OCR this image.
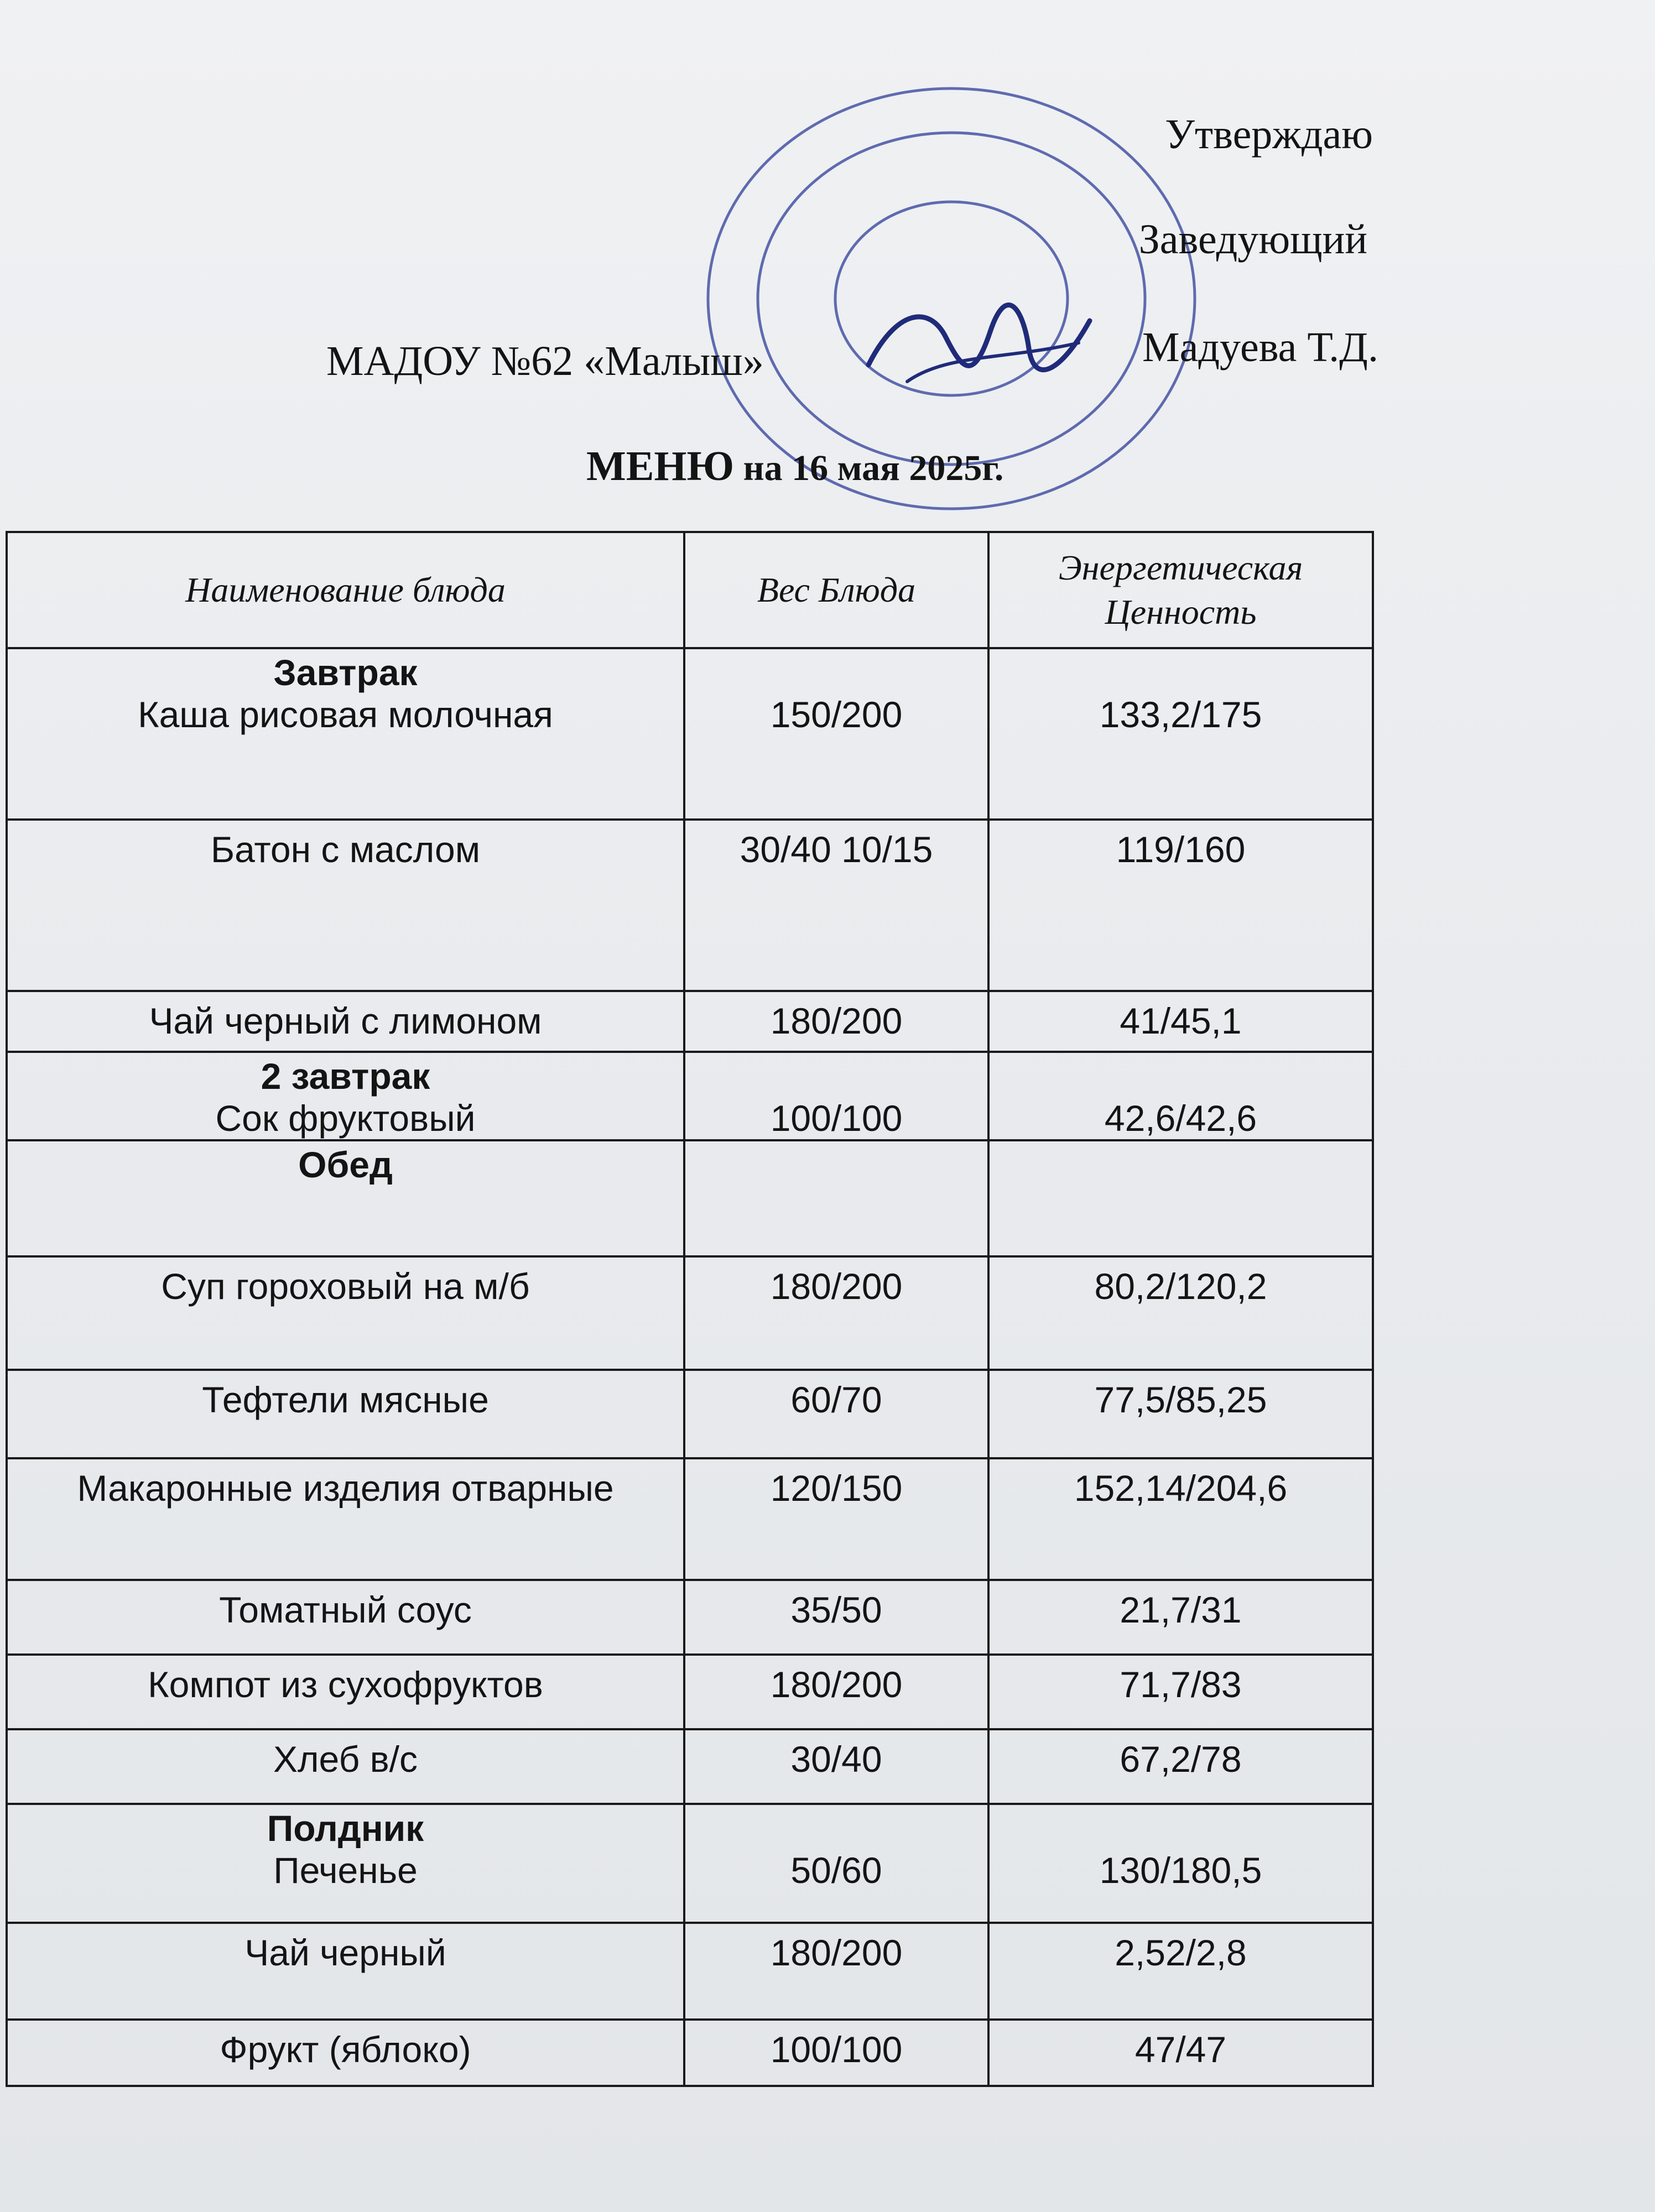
Утверждаю
Заведующий
МАДОУ №62 «Малыш»	Мадуева Т.Д.
МЕНЮ на 16 мая 2025г.
Наименование блюда	Вес Блюда	Энергетическая Ценность

Завтрак
Каша рисовая молочная	150/200	133,2/175

Батон с маслом	30/40 10/15	119/160

Чай черный с лимоном	180/200	41/45,1

2 завтрак
Сок фруктовый	100/100	42,6/42,6

Обед		

Суп гороховый на м/б	180/200	80,2/120,2

Тефтели мясные	60/70	77,5/85,25

Макаронные изделия отварные	120/150	152,14/204,6

Томатный соус	35/50	21,7/31

Компот из сухофруктов	180/200	71,7/83

Хлеб в/с	30/40	67,2/78

Полдник
Печенье	50/60	130/180,5

Чай черный	180/200	2,52/2,8

Фрукт (яблоко)	100/100	47/47
